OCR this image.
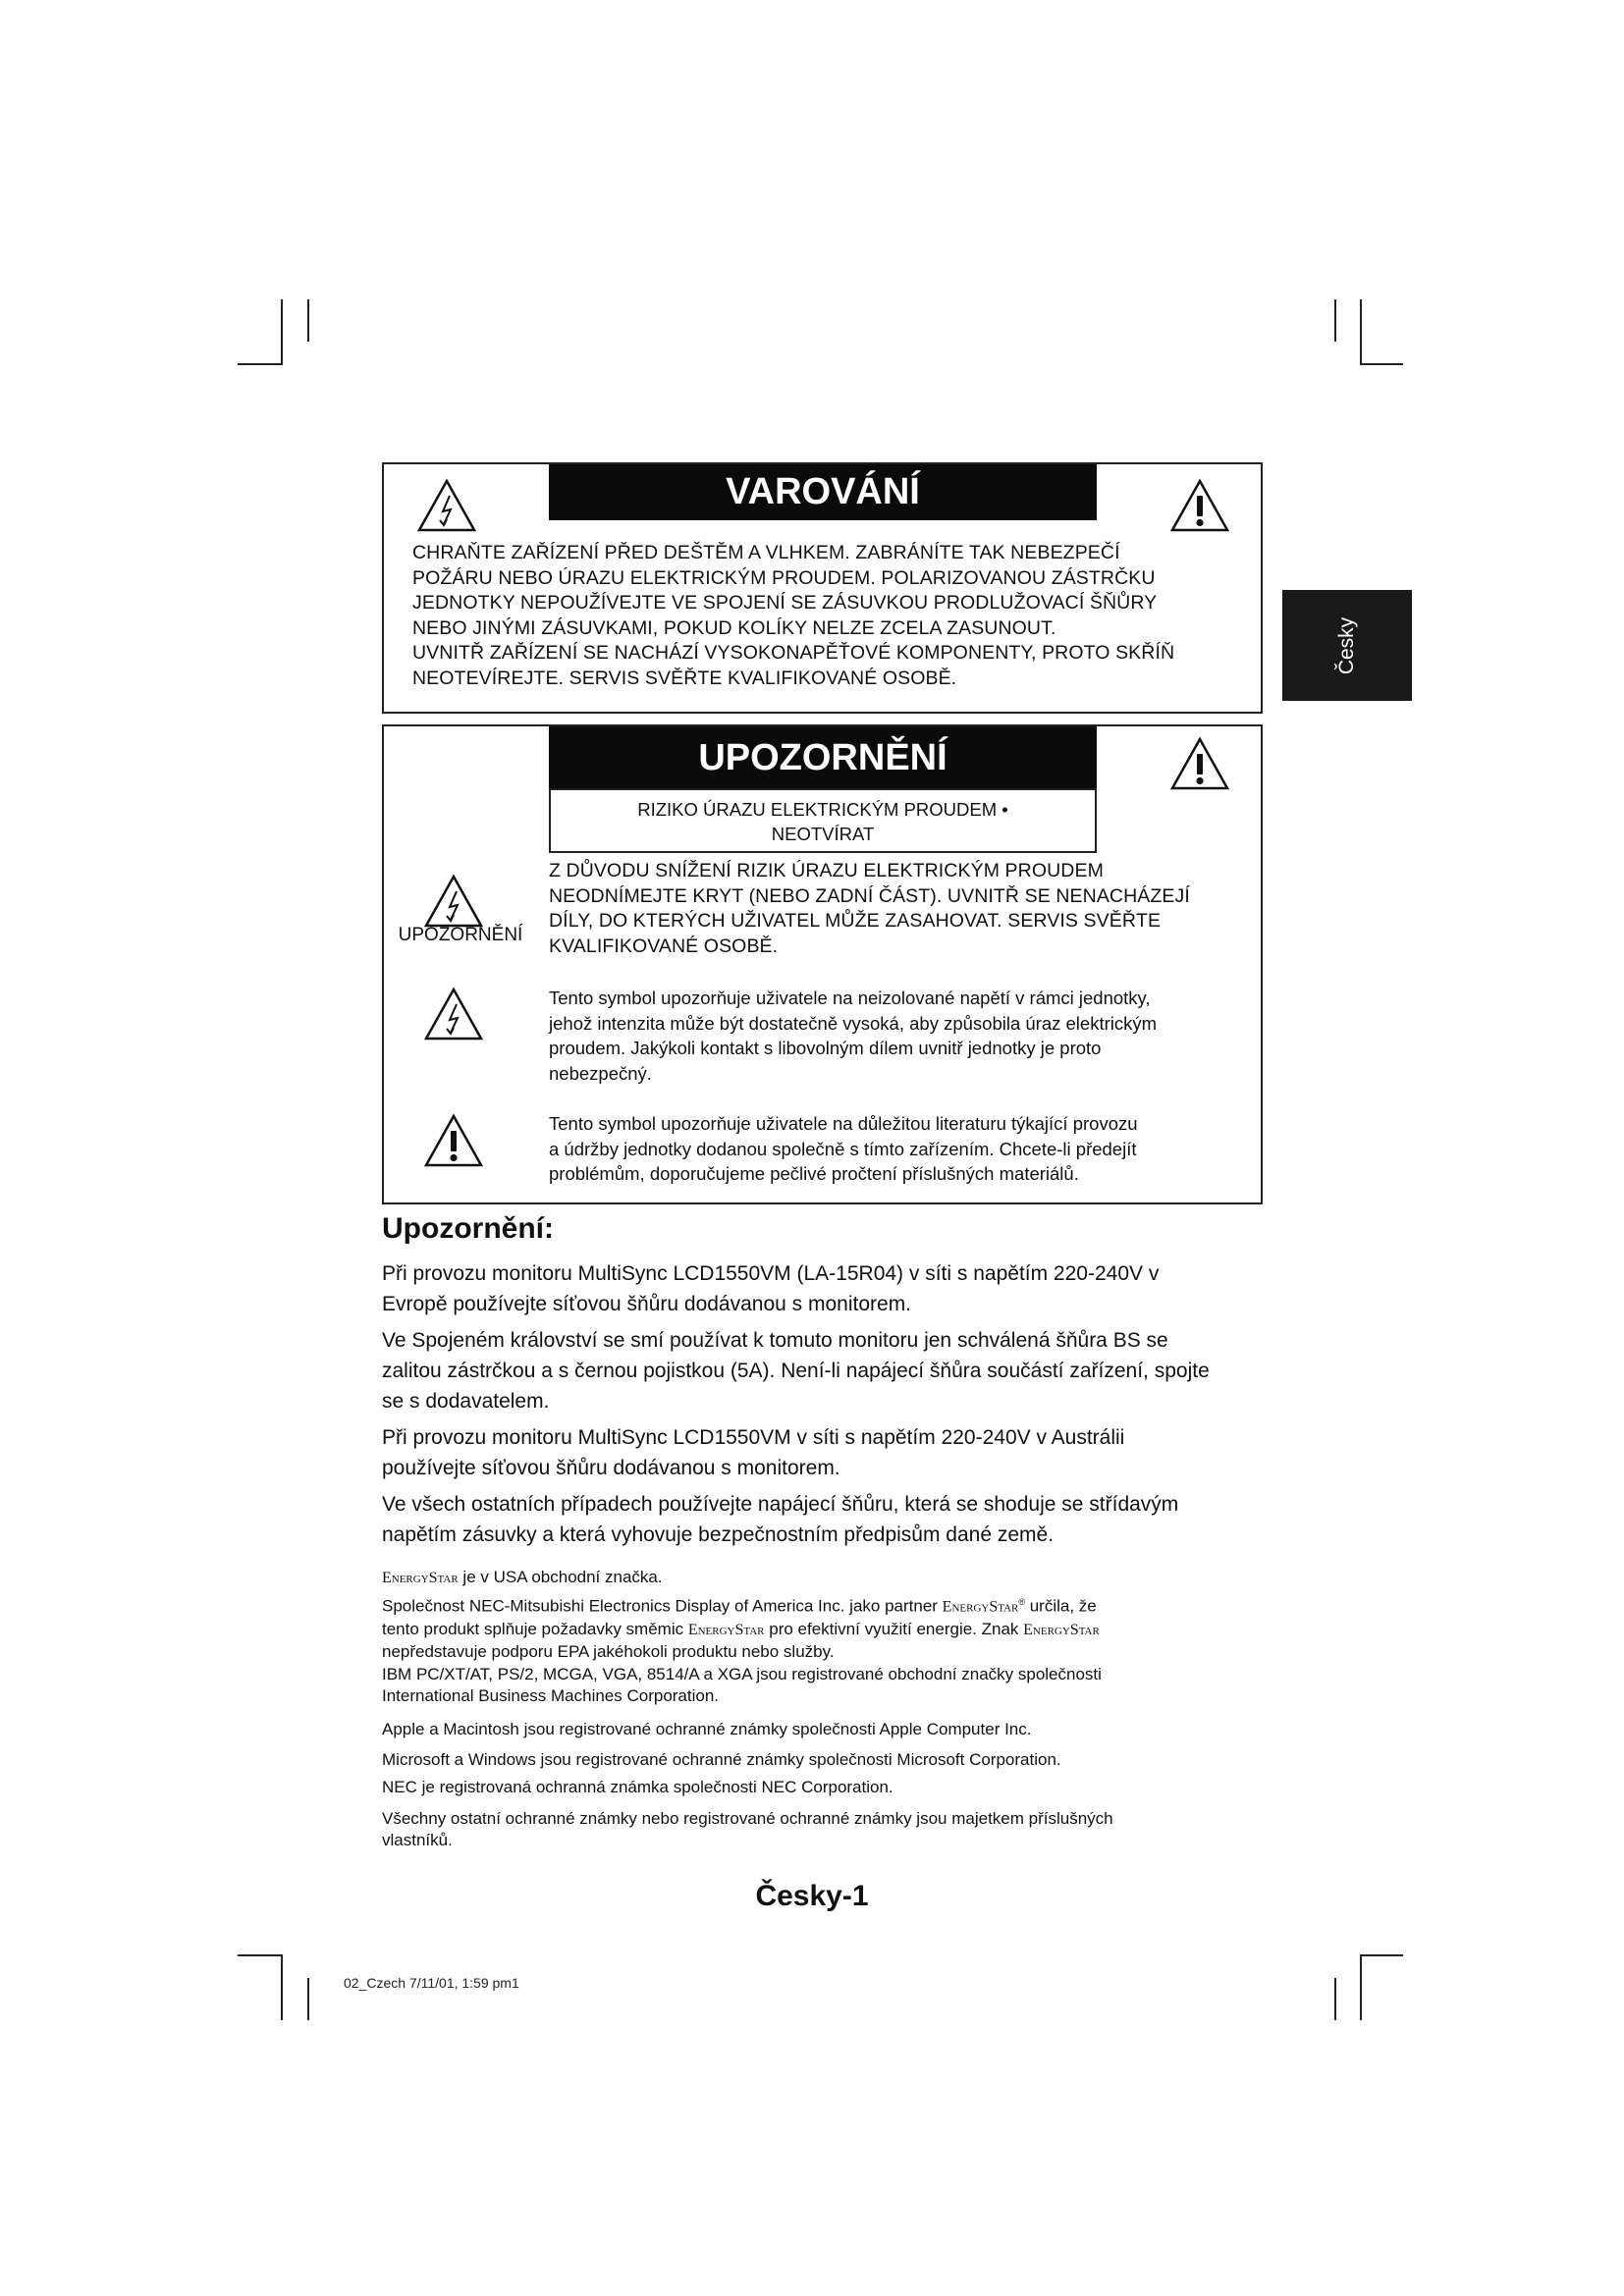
Česky
VAROVÁNÍ
CHRAŇTE ZAŘÍZENÍ PŘED DEŠTĚM A VLHKEM. ZABRÁNÍTE TAK NEBEZPEČÍ
POŽÁRU NEBO ÚRAZU ELEKTRICKÝM PROUDEM. POLARIZOVANOU ZÁSTRČKU
JEDNOTKY NEPOUŽÍVEJTE VE SPOJENÍ SE ZÁSUVKOU PRODLUŽOVACÍ ŠŇŮRY
NEBO JINÝMI ZÁSUVKAMI, POKUD KOLÍKY NELZE ZCELA ZASUNOUT.
UVNITŘ ZAŘÍZENÍ SE NACHÁZÍ VYSOKONAPĚŤOVÉ KOMPONENTY, PROTO SKŘÍŇ
NEOTEVÍREJTE. SERVIS SVĚŘTE KVALIFIKOVANÉ OSOBĚ.
UPOZORNĚNÍ
RIZIKO ÚRAZU ELEKTRICKÝM PROUDEM •
NEOTVÍRAT
UPOZORNĚNÍ
Z DŮVODU SNÍŽENÍ RIZIK ÚRAZU ELEKTRICKÝM PROUDEM
NEODNÍMEJTE KRYT (NEBO ZADNÍ ČÁST). UVNITŘ SE NENACHÁZEJÍ
DÍLY, DO KTERÝCH UŽIVATEL MŮŽE ZASAHOVAT. SERVIS SVĚŘTE
KVALIFIKOVANÉ OSOBĚ.
Tento symbol upozorňuje uživatele na neizolované napětí v rámci jednotky,
jehož intenzita může být dostatečně vysoká, aby způsobila úraz elektrickým
proudem. Jakýkoli kontakt s libovolným dílem uvnitř jednotky je proto
nebezpečný.
Tento symbol upozorňuje uživatele na důležitou literaturu týkající provozu
a údržby jednotky dodanou společně s tímto zařízením. Chcete-li předejít
problémům, doporučujeme pečlivé pročtení příslušných materiálů.
Upozornění:
Při provozu monitoru MultiSync LCD1550VM (LA-15R04) v síti s napětím 220-240V v
Evropě používejte síťovou šňůru dodávanou s monitorem.
Ve Spojeném království se smí používat k tomuto monitoru jen schválená šňůra BS se
zalitou zástrčkou a s černou pojistkou (5A). Není-li napájecí šňůra součástí zařízení, spojte
se s dodavatelem.
Při provozu monitoru MultiSync LCD1550VM v síti s napětím 220-240V v Austrálii
používejte síťovou šňůru dodávanou s monitorem.
Ve všech ostatních případech používejte napájecí šňůru, která se shoduje se střídavým
napětím zásuvky a která vyhovuje bezpečnostním předpisům dané země.
EnergyStar je v USA obchodní značka.
Společnost NEC-Mitsubishi Electronics Display of America Inc. jako partner EnergyStar® určila, že
tento produkt splňuje požadavky směmic EnergyStar pro efektivní využití energie. Znak EnergyStar
nepředstavuje podporu EPA jakéhokoli produktu nebo služby.
IBM PC/XT/AT, PS/2, MCGA, VGA, 8514/A a XGA jsou registrované obchodní značky společnosti
International Business Machines Corporation.
Apple a Macintosh jsou registrované ochranné známky společnosti Apple Computer Inc.
Microsoft a Windows jsou registrované ochranné známky společnosti Microsoft Corporation.
NEC je registrovaná ochranná známka společnosti NEC Corporation.
Všechny ostatní ochranné známky nebo registrované ochranné známky jsou majetkem příslušných
vlastníků.
Česky-1
02_Czech 7/11/01, 1:59 pm1
